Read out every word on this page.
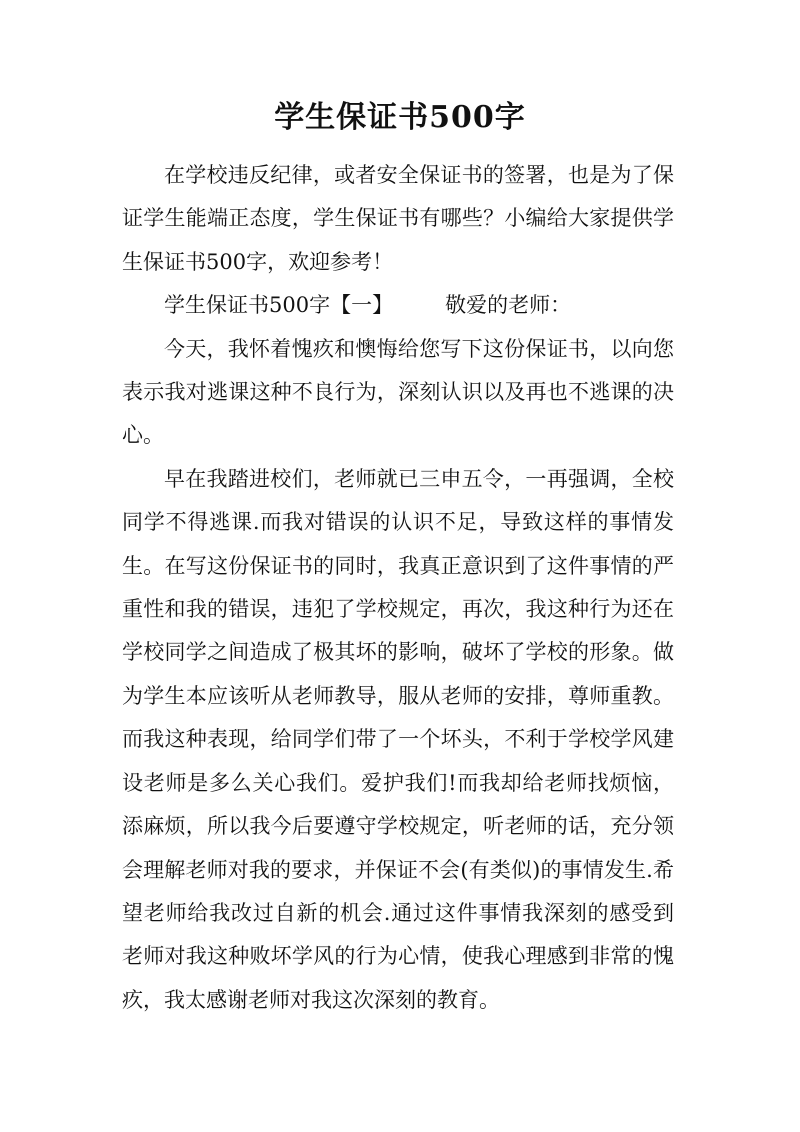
学生保证书500字

在学校违反纪律，或者安全保证书的签署，也是为了保证学生能端正态度，学生保证书有哪些？小编给大家提供学生保证书500字，欢迎参考！

学生保证书500字【一】 敬爱的老师：

今天，我怀着愧疚和懊悔给您写下这份保证书，以向您表示我对逃课这种不良行为，深刻认识以及再也不逃课的决心。

早在我踏进校们，老师就已三申五令，一再强调，全校同学不得逃课.而我对错误的认识不足，导致这样的事情发生。在写这份保证书的同时，我真正意识到了这件事情的严重性和我的错误，违犯了学校规定，再次，我这种行为还在学校同学之间造成了极其坏的影响，破坏了学校的形象。做为学生本应该听从老师教导，服从老师的安排，尊师重教。而我这种表现，给同学们带了一个坏头，不利于学校学风建设老师是多么关心我们。爱护我们!而我却给老师找烦恼，添麻烦，所以我今后要遵守学校规定，听老师的话，充分领会理解老师对我的要求，并保证不会(有类似)的事情发生.希望老师给我改过自新的机会.通过这件事情我深刻的感受到老师对我这种败坏学风的行为心情，使我心理感到非常的愧疚，我太感谢老师对我这次深刻的教育。
